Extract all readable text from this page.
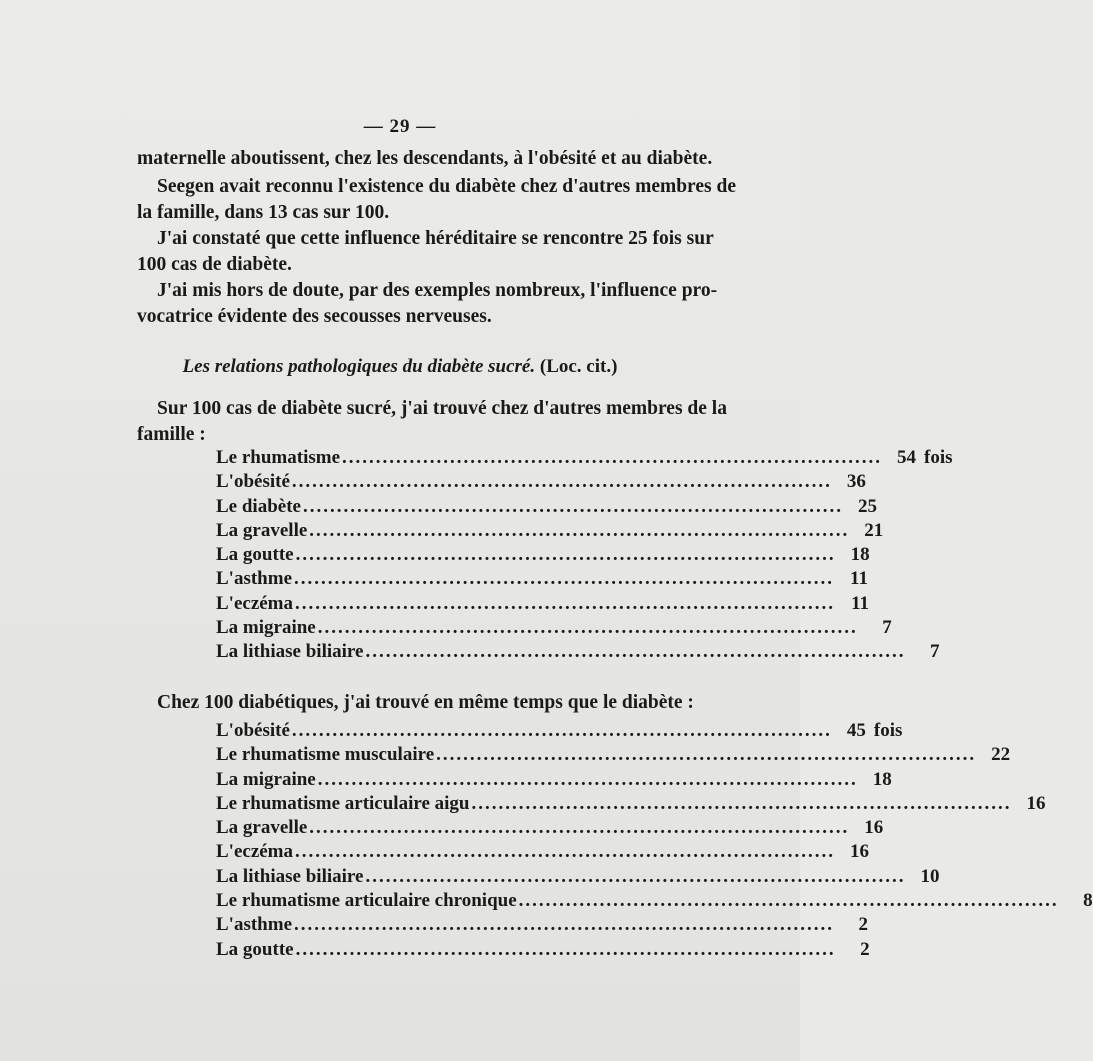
— 29 —

maternelle aboutissent, chez les descendants, à l'obésité et au diabète.

Seegen avait reconnu l'existence du diabète chez d'autres membres de
la famille, dans 13 cas sur 100.

J'ai constaté que cette influence héréditaire se rencontre 25 fois sur
100 cas de diabète.

J'ai mis hors de doute, par des exemples nombreux, l'influence pro-
vocatrice évidente des secousses nerveuses.

Les relations pathologiques du diabète sucré. (Loc. cit.)

Sur 100 cas de diabète sucré, j'ai trouvé chez d'autres membres de la
famille :

Le rhumatisme ................................................................................ 54 fois
L'obésité ................................................................................ 36
Le diabète ................................................................................ 25
La gravelle ................................................................................ 21
La goutte ................................................................................ 18
L'asthme ................................................................................ 11
L'eczéma ................................................................................ 11
La migraine ................................................................................	7
La lithiase biliaire ................................................................................	7

Chez 100 diabétiques, j'ai trouvé en même temps que le diabète :

L'obésité ................................................................................ 45 fois
Le rhumatisme musculaire ................................................................................ 22
La migraine ................................................................................ 18
Le rhumatisme articulaire aigu ................................................................................ 16
La gravelle ................................................................................ 16
L'eczéma ................................................................................ 16
La lithiase biliaire ................................................................................ 10
Le rhumatisme articulaire chronique ................................................................................	8
L'asthme ................................................................................	2
La goutte ................................................................................	2
